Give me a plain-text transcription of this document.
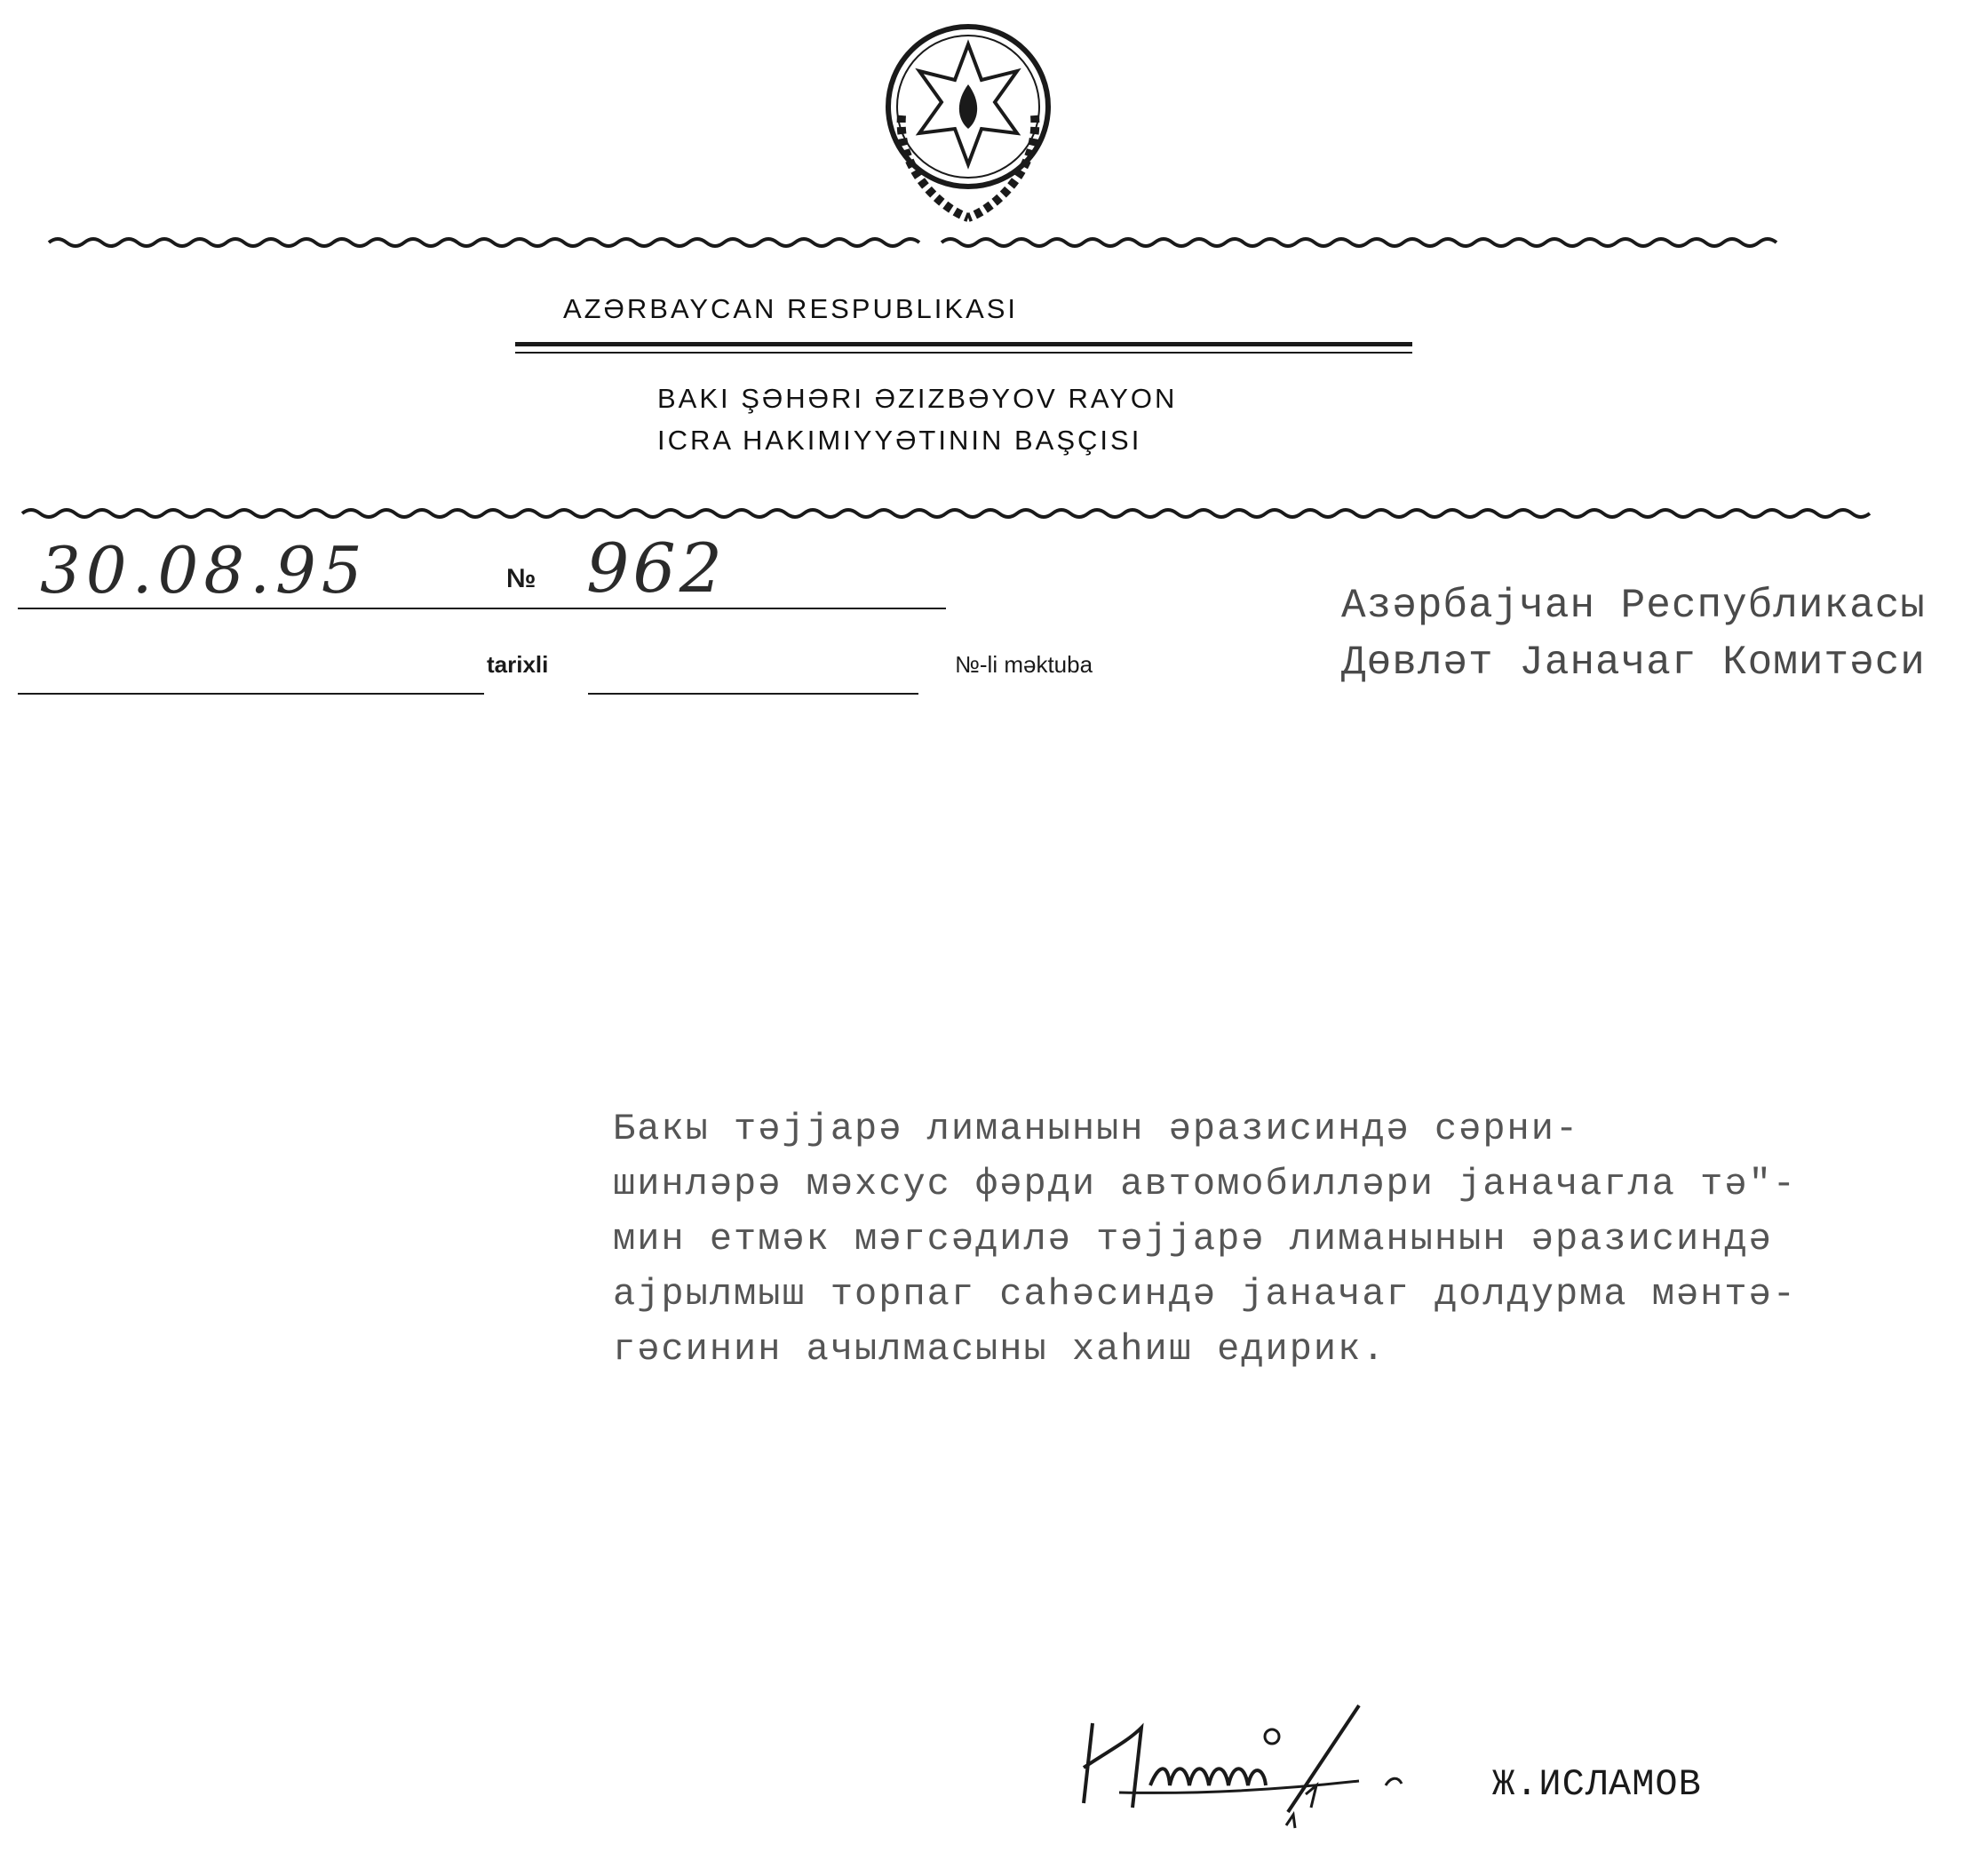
AZƏRBAYCAN RESPUBLIKASI
BAKI ŞƏHƏRI ƏZIZBƏYOV RAYON
ICRA HAKIMIYYƏTININ BAŞÇISI
30.08.95	№ 962
tarixli	№-li məktuba
Азəрбаjчан Республикасы
Дөвлəт Јаначаг Комитəси
Бакы тəjjарə лиманынын əразисиндə сəрни-
шинлəрə мəхсус фəрди автомобиллəри jаначагла тə"-
мин етмəк мəгсəдилə тəjjарə лиманынын əразисиндə
ajрылмыш торпаг саһəсиндə jаначаг долдурма мəнтə-
гəсинин ачылмасыны хаһиш едирик.
Ж.ИСЛАМОВ
